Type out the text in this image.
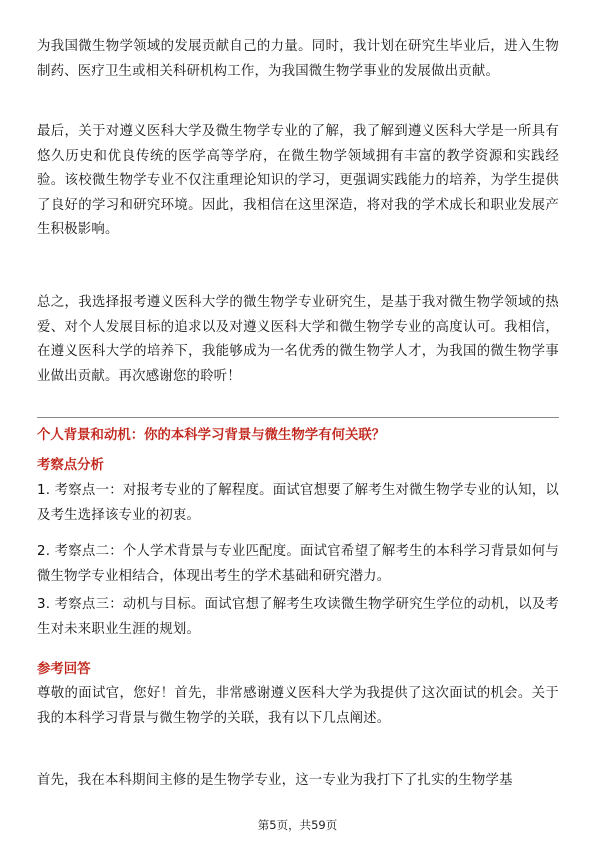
为我国微生物学领域的发展贡献自己的力量。同时，我计划在研究生毕业后，进入生物制药、医疗卫生或相关科研机构工作，为我国微生物学事业的发展做出贡献。

最后，关于对遵义医科大学及微生物学专业的了解，我了解到遵义医科大学是一所具有悠久历史和优良传统的医学高等学府，在微生物学领域拥有丰富的教学资源和实践经验。该校微生物学专业不仅注重理论知识的学习，更强调实践能力的培养，为学生提供了良好的学习和研究环境。因此，我相信在这里深造，将对我的学术成长和职业发展产生积极影响。

总之，我选择报考遵义医科大学的微生物学专业研究生，是基于我对微生物学领域的热爱、对个人发展目标的追求以及对遵义医科大学和微生物学专业的高度认可。我相信，在遵义医科大学的培养下，我能够成为一名优秀的微生物学人才，为我国的微生物学事业做出贡献。再次感谢您的聆听！

个人背景和动机：你的本科学习背景与微生物学有何关联？

考察点分析

1. 考察点一：对报考专业的了解程度。面试官想要了解考生对微生物学专业的认知，以及考生选择该专业的初衷。

2. 考察点二：个人学术背景与专业匹配度。面试官希望了解考生的本科学习背景如何与微生物学专业相结合，体现出考生的学术基础和研究潜力。

3. 考察点三：动机与目标。面试官想了解考生攻读微生物学研究生学位的动机，以及考生对未来职业生涯的规划。

参考回答

尊敬的面试官，您好！首先，非常感谢遵义医科大学为我提供了这次面试的机会。关于我的本科学习背景与微生物学的关联，我有以下几点阐述。

首先，我在本科期间主修的是生物学专业，这一专业为我打下了扎实的生物学基

第5页，共59页
